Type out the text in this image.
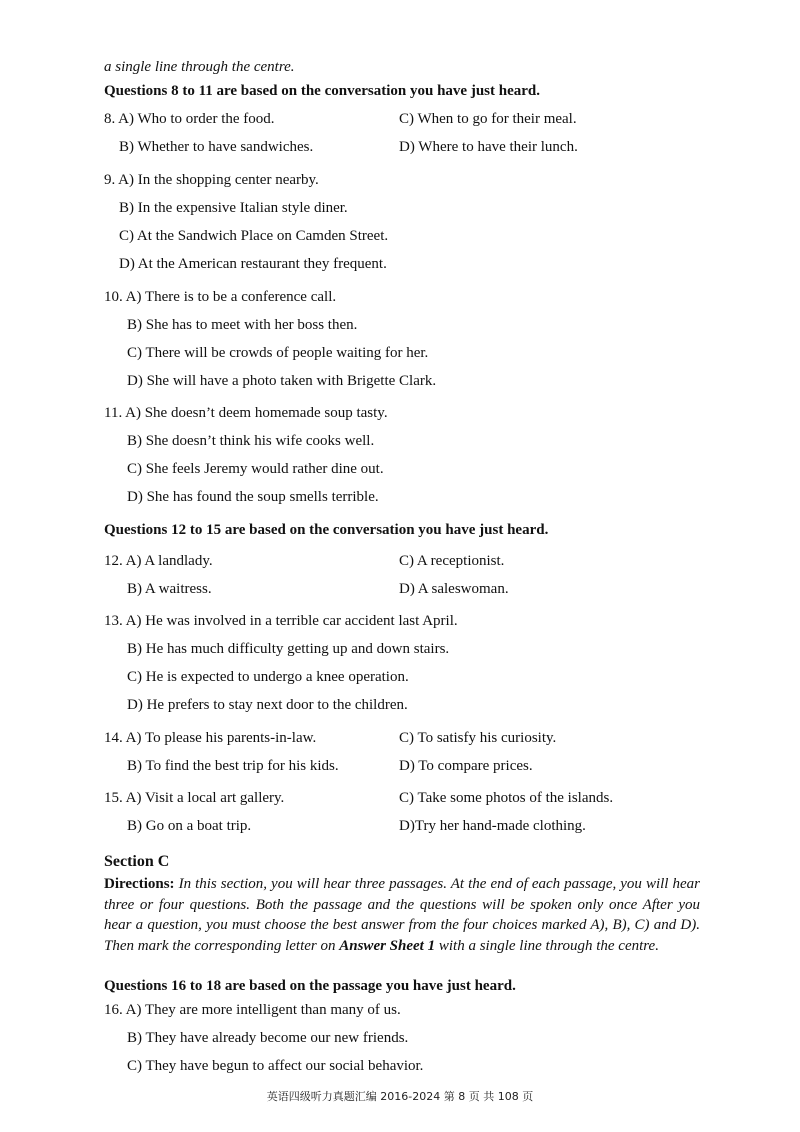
a single line through the centre.
Questions 8 to 11 are based on the conversation you have just heard.
8. A) Who to order the food.	C) When to go for their meal.
B) Whether to have sandwiches.	D) Where to have their lunch.
9. A) In the shopping center nearby.
B) In the expensive Italian style diner.
C) At the Sandwich Place on Camden Street.
D) At the American restaurant they frequent.
10. A) There is to be a conference call.
B) She has to meet with her boss then.
C) There will be crowds of people waiting for her.
D) She will have a photo taken with Brigette Clark.
11. A) She doesn’t deem homemade soup tasty.
B) She doesn’t think his wife cooks well.
C) She feels Jeremy would rather dine out.
D) She has found the soup smells terrible.
Questions 12 to 15 are based on the conversation you have just heard.
12. A) A landlady.	C) A receptionist.
B) A waitress.	D) A saleswoman.
13. A) He was involved in a terrible car accident last April.
B) He has much difficulty getting up and down stairs.
C) He is expected to undergo a knee operation.
D) He prefers to stay next door to the children.
14. A) To please his parents-in-law.	C) To satisfy his curiosity.
B) To find the best trip for his kids.	D) To compare prices.
15. A) Visit a local art gallery.	C) Take some photos of the islands.
B) Go on a boat trip.	D)Try her hand-made clothing.
Section C
Directions: In this section, you will hear three passages. At the end of each passage, you will hear three or four questions. Both the passage and the questions will be spoken only once After you hear a question, you must choose the best answer from the four choices marked A), B), C) and D). Then mark the corresponding letter on Answer Sheet 1 with a single line through the centre.
Questions 16 to 18 are based on the passage you have just heard.
16. A) They are more intelligent than many of us.
B) They have already become our new friends.
C) They have begun to affect our social behavior.
英语四级听力真题汇编 2016-2024 第 8 页 共 108 页
